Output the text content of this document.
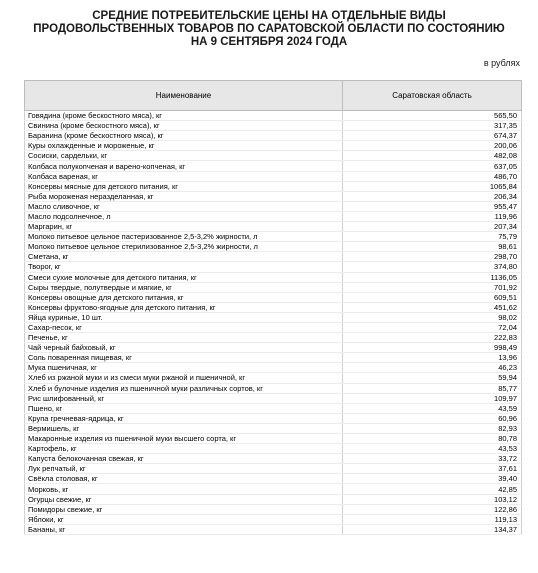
СРЕДНИЕ ПОТРЕБИТЕЛЬСКИЕ ЦЕНЫ НА ОТДЕЛЬНЫЕ ВИДЫ
ПРОДОВОЛЬСТВЕННЫХ ТОВАРОВ ПО САРАТОВСКОЙ ОБЛАСТИ ПО СОСТОЯНИЮ
НА 9 СЕНТЯБРЯ 2024 ГОДА
в рублях
Наименование	Саратовская область
Говядина (кроме бескостного мяса), кг	565,50
Свинина (кроме бескостного мяса), кг	317,35
Баранина (кроме бескостного мяса), кг	674,37
Куры охлажденные и мороженые, кг	200,06
Сосиски, сардельки, кг	482,08
Колбаса полукопченая и варено-копченая, кг	637,05
Колбаса вареная, кг	486,70
Консервы мясные для детского питания, кг	1065,84
Рыба мороженая неразделанная, кг	206,34
Масло сливочное, кг	955,47
Масло подсолнечное, л	119,96
Маргарин, кг	207,34
Молоко питьевое цельное пастеризованное 2,5-3,2% жирности, л	75,79
Молоко питьевое цельное стерилизованное 2,5-3,2% жирности, л	98,61
Сметана, кг	298,70
Творог, кг	374,80
Смеси сухие молочные для детского питания, кг	1136,05
Сыры твердые, полутвердые и мягкие, кг	701,92
Консервы овощные для детского питания, кг	609,51
Консервы фруктово-ягодные для детского питания, кг	451,62
Яйца куриные, 10 шт.	98,02
Сахар-песок, кг	72,04
Печенье, кг	222,83
Чай черный байховый, кг	998,49
Соль поваренная пищевая, кг	13,96
Мука пшеничная, кг	46,23
Хлеб из ржаной муки и из смеси муки ржаной и пшеничной, кг	59,94
Хлеб и булочные изделия из пшеничной муки различных сортов, кг	85,77
Рис шлифованный, кг	109,97
Пшено, кг	43,59
Крупа гречневая-ядрица, кг	60,96
Вермишель, кг	82,93
Макаронные изделия из пшеничной муки высшего сорта, кг	80,78
Картофель, кг	43,53
Капуста белокочанная свежая, кг	33,72
Лук репчатый, кг	37,61
Свёкла столовая, кг	39,40
Морковь, кг	42,85
Огурцы свежие, кг	103,12
Помидоры свежие, кг	122,86
Яблоки, кг	119,13
Бананы, кг	134,37
